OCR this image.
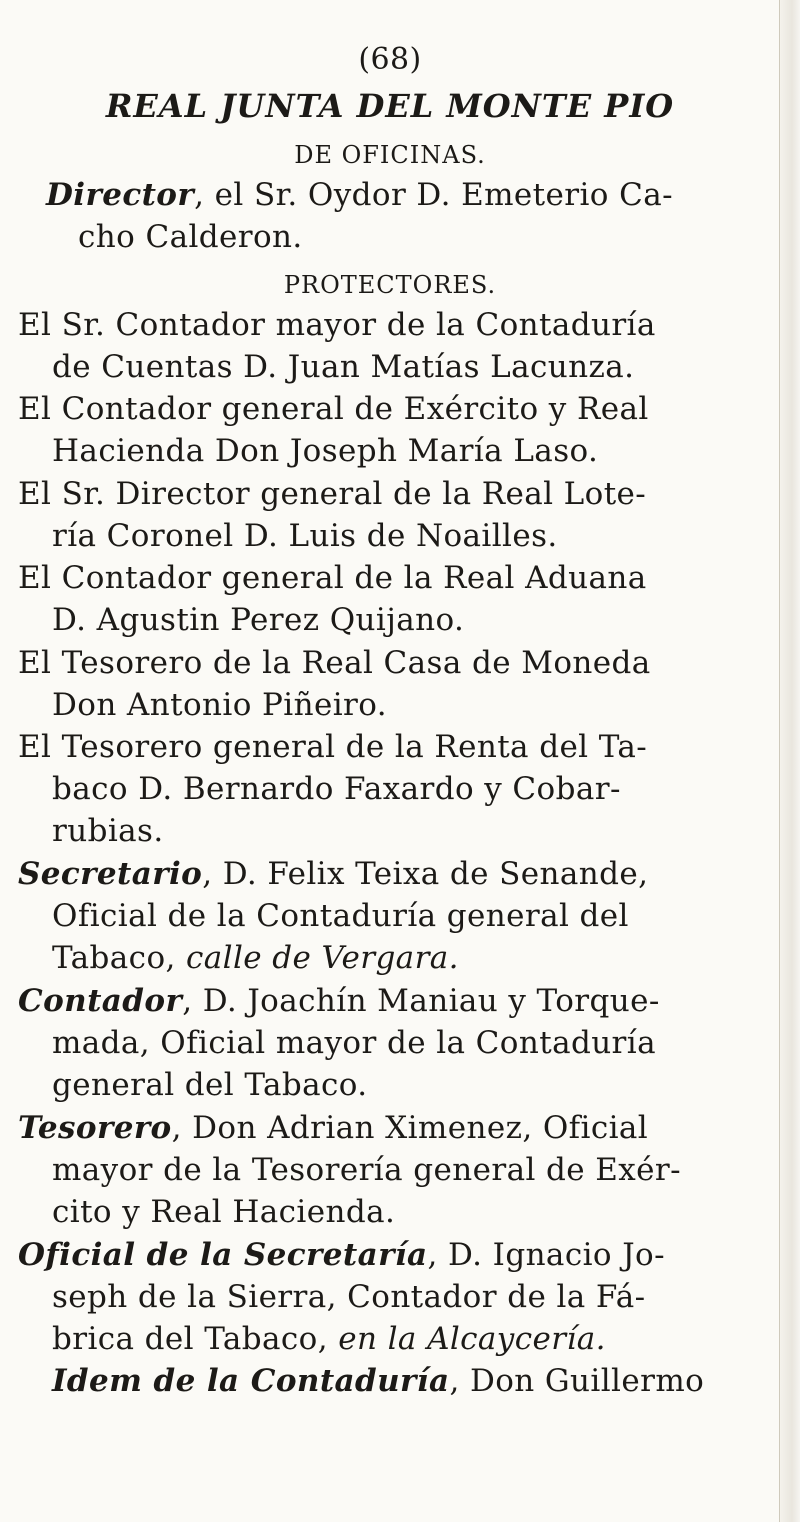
(68)
REAL JUNTA DEL MONTE PIO
DE OFICINAS.
Director, el Sr. Oydor D. Emeterio Ca-
cho Calderon.
PROTECTORES.
El Sr. Contador mayor de la Contaduría
de Cuentas D. Juan Matías Lacunza.
El Contador general de Exército y Real
Hacienda Don Joseph María Laso.
El Sr. Director general de la Real Lote-
ría Coronel D. Luis de Noailles.
El Contador general de la Real Aduana
D. Agustin Perez Quijano.
El Tesorero de la Real Casa de Moneda
Don Antonio Piñeiro.
El Tesorero general de la Renta del Ta-
baco D. Bernardo Faxardo y Cobar-
rubias.
Secretario, D. Felix Teixa de Senande,
Oficial de la Contaduría general del
Tabaco, calle de Vergara.
Contador, D. Joachín Maniau y Torque-
mada, Oficial mayor de la Contaduría
general del Tabaco.
Tesorero, Don Adrian Ximenez, Oficial
mayor de la Tesorería general de Exér-
cito y Real Hacienda.
Oficial de la Secretaría, D. Ignacio Jo-
seph de la Sierra, Contador de la Fá-
brica del Tabaco, en la Alcaycería.
Idem de la Contaduría, Don Guillermo
